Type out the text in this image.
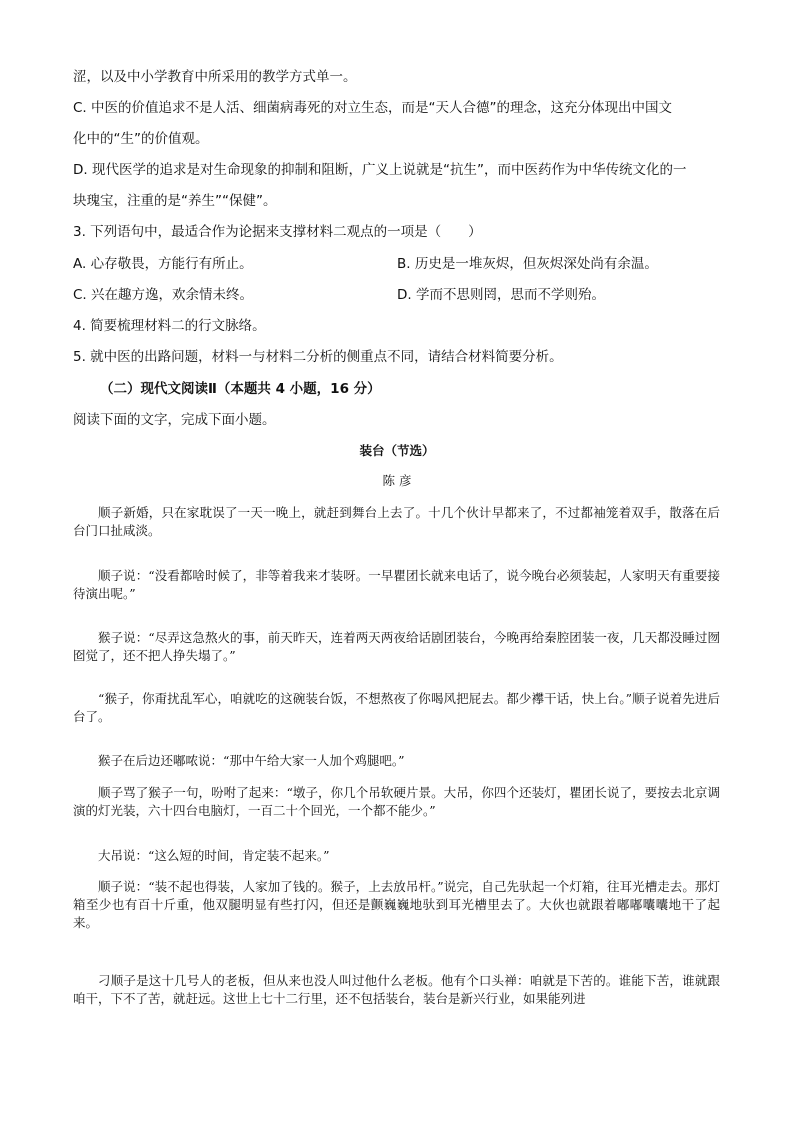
涩，以及中小学教育中所采用的教学方式单一。
C. 中医的价值追求不是人活、细菌病毒死的对立生态，而是“天人合德”的理念，这充分体现出中国文
化中的“生”的价值观。
D. 现代医学的追求是对生命现象的抑制和阻断，广义上说就是“抗生”，而中医药作为中华传统文化的一
块瑰宝，注重的是“养生”“保健”。
3. 下列语句中，最适合作为论据来支撑材料二观点的一项是（　　）
A. 心存敬畏，方能行有所止。	B. 历史是一堆灰烬，但灰烬深处尚有余温。
C. 兴在趣方逸，欢余情未终。	D. 学而不思则罔，思而不学则殆。
4. 简要梳理材料二的行文脉络。
5. 就中医的出路问题，材料一与材料二分析的侧重点不同，请结合材料简要分析。
（二）现代文阅读Ⅱ（本题共 4 小题，16 分）
阅读下面的文字，完成下面小题。
装台（节选）
陈 彦
顺子新婚，只在家耽误了一天一晚上，就赶到舞台上去了。十几个伙计早都来了，不过都袖笼着双手，散落在后台门口扯咸淡。
顺子说：“没看都啥时候了，非等着我来才装呀。一早瞿团长就来电话了，说今晚台必须装起，人家明天有重要接待演出呢。”
猴子说：“尽弄这急熬火的事，前天昨天，连着两天两夜给话剧团装台，今晚再给秦腔团装一夜，几天都没睡过囫囵觉了，还不把人挣失塌了。”
“猴子，你甭扰乱军心，咱就吃的这碗装台饭，不想熬夜了你喝风把屁去。都少襻干话，快上台。”顺子说着先进后台了。
猴子在后边还嘟哝说：“那中午给大家一人加个鸡腿吧。”
顺子骂了猴子一句，吩咐了起来：“墩子，你几个吊软硬片景。大吊，你四个还装灯，瞿团长说了，要按去北京调演的灯光装，六十四台电脑灯，一百二十个回光，一个都不能少。”
大吊说：“这么短的时间，肯定装不起来。”
顺子说：“装不起也得装，人家加了钱的。猴子，上去放吊杆。”说完，自己先驮起一个灯箱，往耳光槽走去。那灯箱至少也有百十斤重，他双腿明显有些打闪，但还是颤巍巍地驮到耳光槽里去了。大伙也就跟着嘟嘟囔囔地干了起来。
刁顺子是这十几号人的老板，但从来也没人叫过他什么老板。他有个口头禅：咱就是下苦的。谁能下苦，谁就跟咱干，下不了苦，就赶远。这世上七十二行里，还不包括装台，装台是新兴行业，如果能列进
